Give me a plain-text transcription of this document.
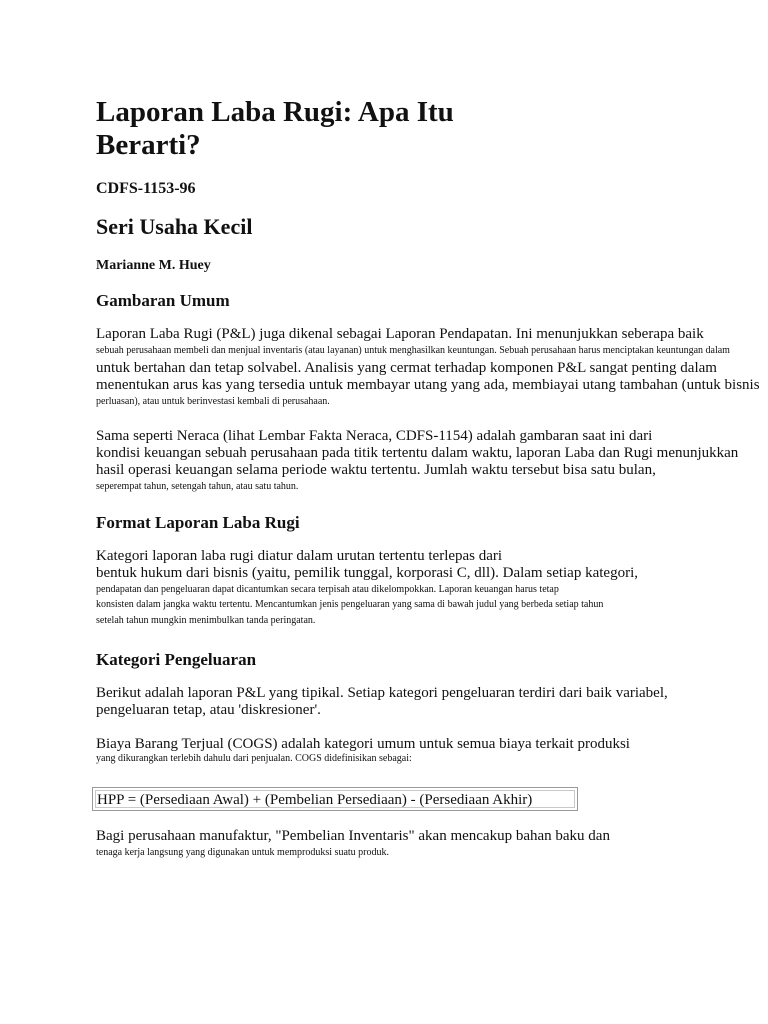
Laporan Laba Rugi: Apa Itu
Berarti?
CDFS-1153-96
Seri Usaha Kecil
Marianne M. Huey
Gambaran Umum
Laporan Laba Rugi (P&L) juga dikenal sebagai Laporan Pendapatan. Ini menunjukkan seberapa baik
sebuah perusahaan membeli dan menjual inventaris (atau layanan) untuk menghasilkan keuntungan. Sebuah perusahaan harus menciptakan keuntungan dalam
untuk bertahan dan tetap solvabel. Analisis yang cermat terhadap komponen P&L sangat penting dalam
menentukan arus kas yang tersedia untuk membayar utang yang ada, membiayai utang tambahan (untuk bisnis
perluasan), atau untuk berinvestasi kembali di perusahaan.
Sama seperti Neraca (lihat Lembar Fakta Neraca, CDFS-1154) adalah gambaran saat ini dari
kondisi keuangan sebuah perusahaan pada titik tertentu dalam waktu, laporan Laba dan Rugi menunjukkan
hasil operasi keuangan selama periode waktu tertentu. Jumlah waktu tersebut bisa satu bulan,
seperempat tahun, setengah tahun, atau satu tahun.
Format Laporan Laba Rugi
Kategori laporan laba rugi diatur dalam urutan tertentu terlepas dari
bentuk hukum dari bisnis (yaitu, pemilik tunggal, korporasi C, dll). Dalam setiap kategori,
pendapatan dan pengeluaran dapat dicantumkan secara terpisah atau dikelompokkan. Laporan keuangan harus tetap
konsisten dalam jangka waktu tertentu. Mencantumkan jenis pengeluaran yang sama di bawah judul yang berbeda setiap tahun
setelah tahun mungkin menimbulkan tanda peringatan.
Kategori Pengeluaran
Berikut adalah laporan P&L yang tipikal. Setiap kategori pengeluaran terdiri dari baik variabel,
pengeluaran tetap, atau 'diskresioner'.
Biaya Barang Terjual (COGS) adalah kategori umum untuk semua biaya terkait produksi
yang dikurangkan terlebih dahulu dari penjualan. COGS didefinisikan sebagai:
Bagi perusahaan manufaktur, "Pembelian Inventaris" akan mencakup bahan baku dan
tenaga kerja langsung yang digunakan untuk memproduksi suatu produk.
HPP = (Persediaan Awal) + (Pembelian Persediaan) - (Persediaan Akhir)
